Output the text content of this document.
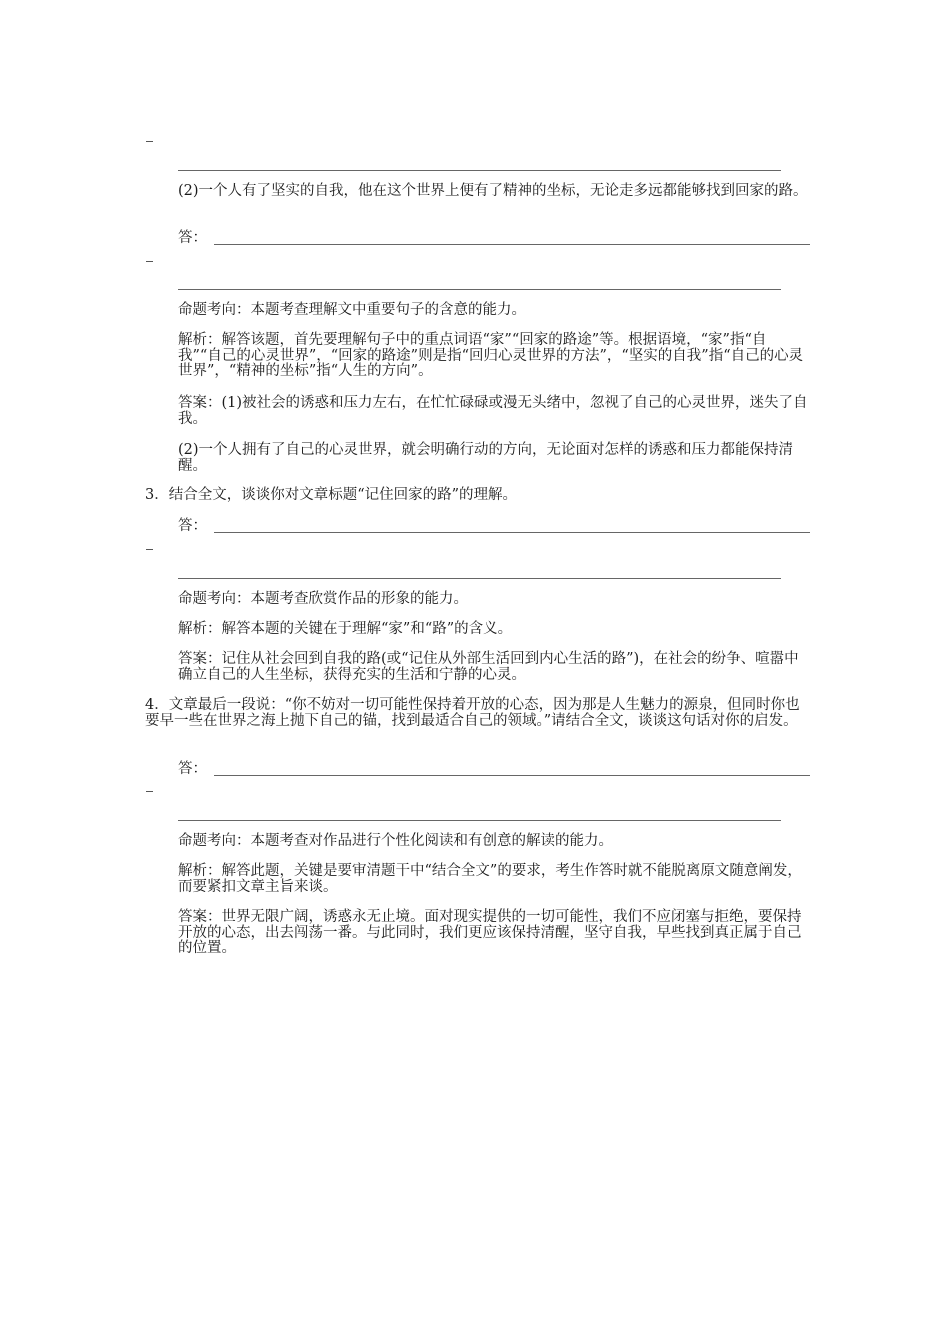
(2)一个人有了坚实的自我，他在这个世界上便有了精神的坐标，无论走多远都能够找到回家的路。
答：
命题考向：本题考查理解文中重要句子的含意的能力。
解析：解答该题，首先要理解句子中的重点词语“家”“回家的路途”等。根据语境，“家”指“自我”“自己的心灵世界”，“回家的路途”则是指“回归心灵世界的方法”，“坚实的自我”指“自己的心灵世界”，“精神的坐标”指“人生的方向”。
答案：(1)被社会的诱惑和压力左右，在忙忙碌碌或漫无头绪中，忽视了自己的心灵世界，迷失了自我。
(2)一个人拥有了自己的心灵世界，就会明确行动的方向，无论面对怎样的诱惑和压力都能保持清醒。
3．结合全文，谈谈你对文章标题“记住回家的路”的理解。
答：
命题考向：本题考查欣赏作品的形象的能力。
解析：解答本题的关键在于理解“家”和“路”的含义。
答案：记住从社会回到自我的路(或“记住从外部生活回到内心生活的路”)，在社会的纷争、喧嚣中确立自己的人生坐标，获得充实的生活和宁静的心灵。
4．文章最后一段说：“你不妨对一切可能性保持着开放的心态，因为那是人生魅力的源泉，但同时你也要早一些在世界之海上抛下自己的锚，找到最适合自己的领域。”请结合全文，谈谈这句话对你的启发。
答：
命题考向：本题考查对作品进行个性化阅读和有创意的解读的能力。
解析：解答此题，关键是要审清题干中“结合全文”的要求，考生作答时就不能脱离原文随意阐发，而要紧扣文章主旨来谈。
答案：世界无限广阔，诱惑永无止境。面对现实提供的一切可能性，我们不应闭塞与拒绝，要保持开放的心态，出去闯荡一番。与此同时，我们更应该保持清醒，坚守自我，早些找到真正属于自己的位置。
